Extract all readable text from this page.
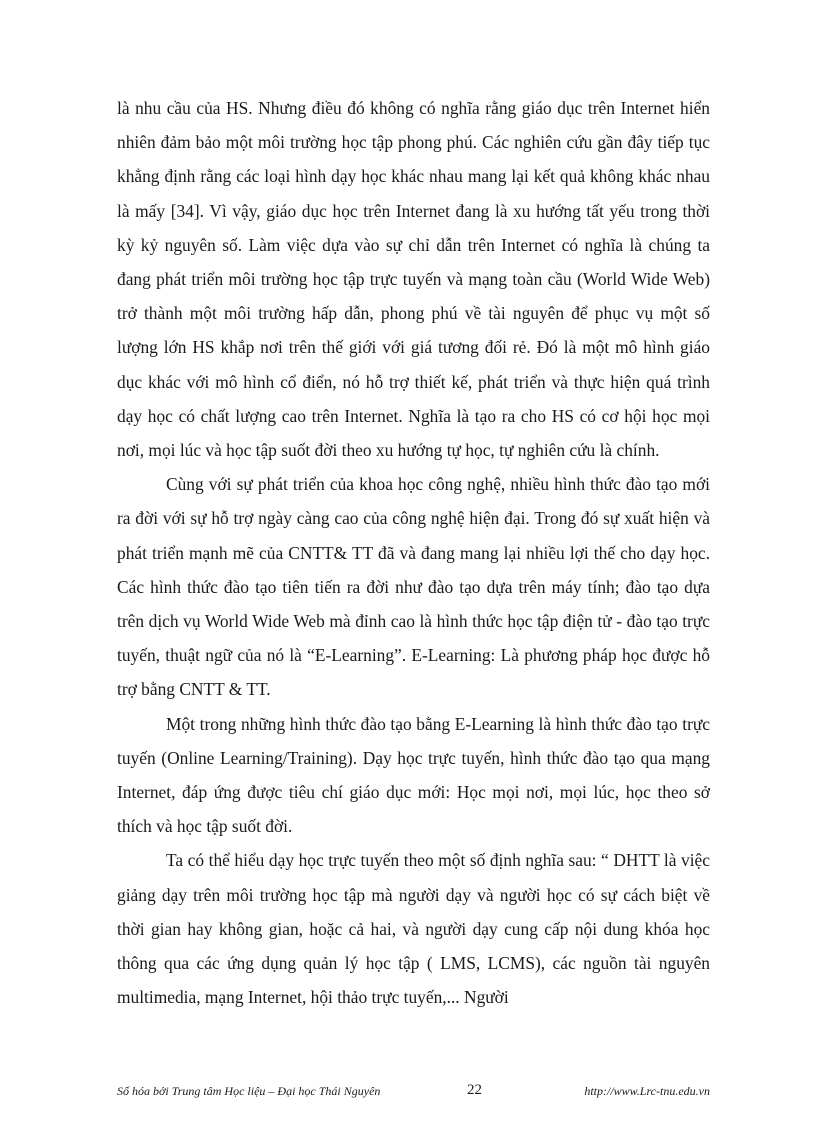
là nhu cầu của HS. Nhưng điều đó không có nghĩa rằng giáo dục trên Internet hiển nhiên đảm bảo một môi trường học tập phong phú. Các nghiên cứu gần đây tiếp tục khẳng định rằng các loại hình dạy học khác nhau mang lại kết quả không khác nhau là mấy [34]. Vì vậy, giáo dục học trên Internet đang là xu hướng tất yếu trong thời kỳ kỷ nguyên số. Làm việc dựa vào sự chỉ dẫn trên Internet có nghĩa là chúng ta đang phát triển môi trường học tập trực tuyến và mạng toàn cầu (World Wide Web) trở thành một môi trường hấp dẫn, phong phú về tài nguyên để phục vụ một số lượng lớn HS khắp nơi trên thế giới với giá tương đối rẻ. Đó là một mô hình giáo dục khác với mô hình cổ điển, nó hỗ trợ thiết kế, phát triển và thực hiện quá trình dạy học có chất lượng cao trên Internet. Nghĩa là tạo ra cho HS có cơ hội học mọi nơi, mọi lúc và học tập suốt đời theo xu hướng tự học, tự nghiên cứu là chính.

Cùng với sự phát triển của khoa học công nghệ, nhiều hình thức đào tạo mới ra đời với sự hỗ trợ ngày càng cao của công nghệ hiện đại. Trong đó sự xuất hiện và phát triển mạnh mẽ của CNTT& TT đã và đang mang lại nhiều lợi thế cho dạy học. Các hình thức đào tạo tiên tiến ra đời như đào tạo dựa trên máy tính; đào tạo dựa trên dịch vụ World Wide Web mà đỉnh cao là hình thức học tập điện tử - đào tạo trực tuyến, thuật ngữ của nó là “E-Learning”. E-Learning: Là phương pháp học được hỗ trợ bằng CNTT & TT.

Một trong những hình thức đào tạo bằng E-Learning là hình thức đào tạo trực tuyến (Online Learning/Training). Dạy học trực tuyến, hình thức đào tạo qua mạng Internet, đáp ứng được tiêu chí giáo dục mới: Học mọi nơi, mọi lúc, học theo sở thích và học tập suốt đời.

Ta có thể hiểu dạy học trực tuyến theo một số định nghĩa sau: “ DHTT là việc giảng dạy trên môi trường học tập mà người dạy và người học có sự cách biệt về thời gian hay không gian, hoặc cả hai, và người dạy cung cấp nội dung khóa học thông qua các ứng dụng quản lý học tập ( LMS, LCMS), các nguồn tài nguyên multimedia, mạng Internet, hội thảo trực tuyến,... Người

Số hóa bởi Trung tâm Học liệu – Đại học Thái Nguyên	22	http://www.Lrc-tnu.edu.vn
